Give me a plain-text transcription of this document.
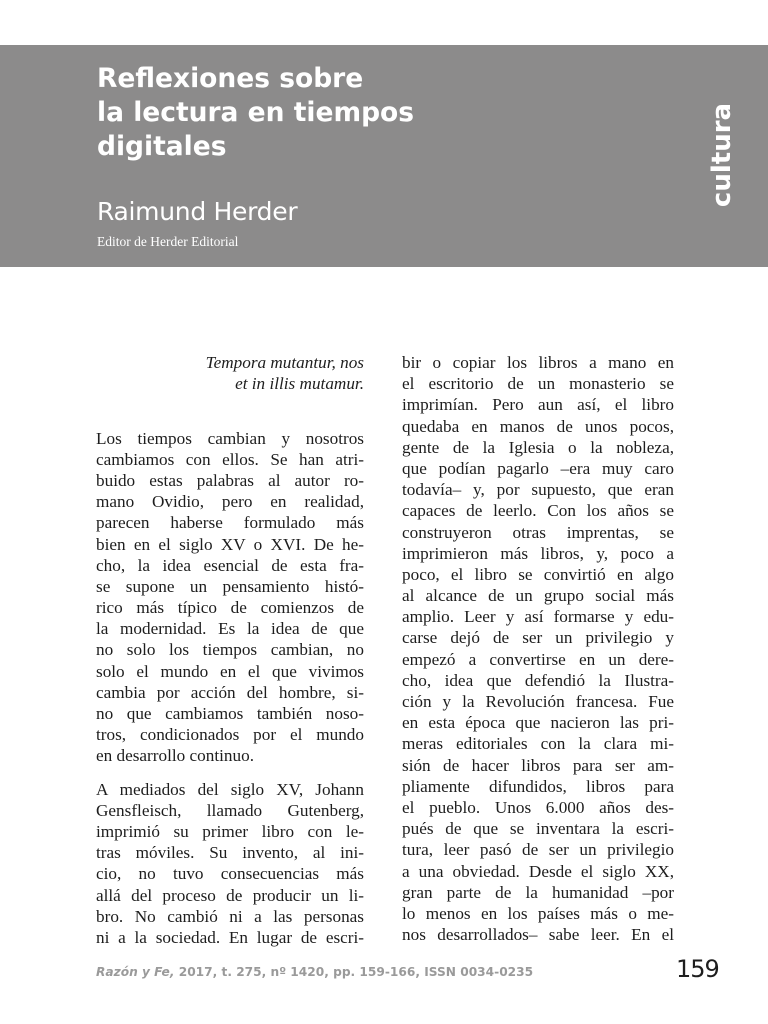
Reflexiones sobre
la lectura en tiempos
digitales
Raimund Herder
Editor de Herder Editorial
cultura
Tempora mutantur, nos
et in illis mutamur.
Los tiempos cambian y nosotros
cambiamos con ellos. Se han atri-
buido estas palabras al autor ro-
mano Ovidio, pero en realidad,
parecen haberse formulado más
bien en el siglo XV o XVI. De he-
cho, la idea esencial de esta fra-
se supone un pensamiento histó-
rico más típico de comienzos de
la modernidad. Es la idea de que
no solo los tiempos cambian, no
solo el mundo en el que vivimos
cambia por acción del hombre, si-
no que cambiamos también noso-
tros, condicionados por el mundo
en desarrollo continuo.
A mediados del siglo XV, Johann
Gensfleisch, llamado Gutenberg,
imprimió su primer libro con le-
tras móviles. Su invento, al ini-
cio, no tuvo consecuencias más
allá del proceso de producir un li-
bro. No cambió ni a las personas
ni a la sociedad. En lugar de escri-
bir o copiar los libros a mano en
el escritorio de un monasterio se
imprimían. Pero aun así, el libro
quedaba en manos de unos pocos,
gente de la Iglesia o la nobleza,
que podían pagarlo –era muy caro
todavía– y, por supuesto, que eran
capaces de leerlo. Con los años se
construyeron otras imprentas, se
imprimieron más libros, y, poco a
poco, el libro se convirtió en algo
al alcance de un grupo social más
amplio. Leer y así formarse y edu-
carse dejó de ser un privilegio y
empezó a convertirse en un dere-
cho, idea que defendió la Ilustra-
ción y la Revolución francesa. Fue
en esta época que nacieron las pri-
meras editoriales con la clara mi-
sión de hacer libros para ser am-
pliamente difundidos, libros para
el pueblo. Unos 6.000 años des-
pués de que se inventara la escri-
tura, leer pasó de ser un privilegio
a una obviedad. Desde el siglo XX,
gran parte de la humanidad –por
lo menos en los países más o me-
nos desarrollados– sabe leer. En el
Razón y Fe, 2017, t. 275, nº 1420, pp. 159-166, ISSN 0034-0235	159
